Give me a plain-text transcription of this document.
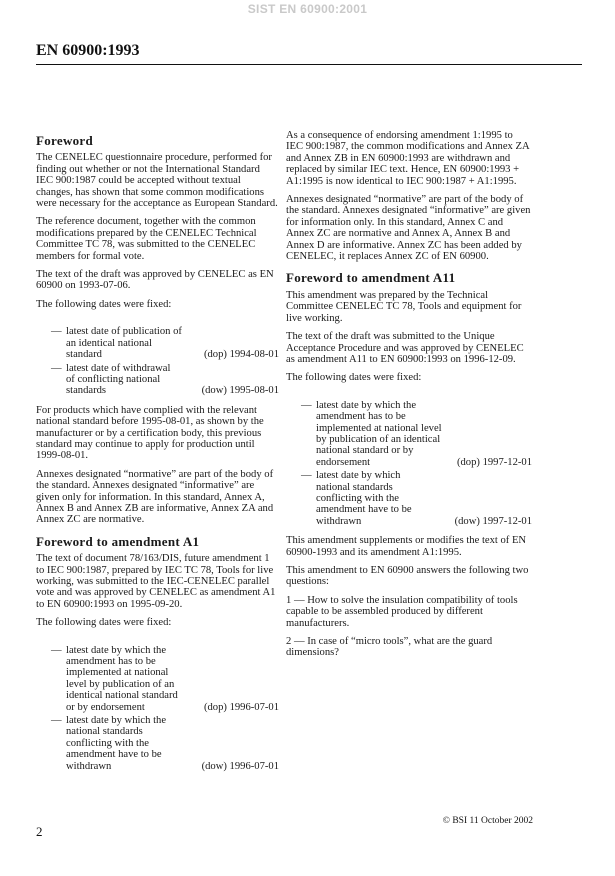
SIST EN 60900:2001
EN 60900:1993
Foreword

The CENELEC questionnaire procedure, performed for finding out whether or not the International Standard IEC 900:1987 could be accepted without textual changes, has shown that some common modifications were necessary for the acceptance as European Standard.

The reference document, together with the common modifications prepared by the CENELEC Technical Committee TC 78, was submitted to the CENELEC members for formal vote.

The text of the draft was approved by CENELEC as EN 60900 on 1993-07-06.

The following dates were fixed:

— latest date of publication of an identical national standard	(dop) 1994-08-01
— latest date of withdrawal of conflicting national standards	(dow) 1995-08-01

For products which have complied with the relevant national standard before 1995-08-01, as shown by the manufacturer or by a certification body, this previous standard may continue to apply for production until 1999-08-01.

Annexes designated “normative” are part of the body of the standard. Annexes designated “informative” are given only for information. In this standard, Annex A, Annex B and Annex ZB are informative, Annex ZA and Annex ZC are normative.

Foreword to amendment A1

The text of document 78/163/DIS, future amendment 1 to IEC 900:1987, prepared by IEC TC 78, Tools for live working, was submitted to the IEC-CENELEC parallel vote and was approved by CENELEC as amendment A1 to EN 60900:1993 on 1995-09-20.

The following dates were fixed:

— latest date by which the amendment has to be implemented at national level by publication of an identical national standard or by endorsement	(dop) 1996-07-01
— latest date by which the national standards conflicting with the amendment have to be withdrawn	(dow) 1996-07-01

As a consequence of endorsing amendment 1:1995 to IEC 900:1987, the common modifications and Annex ZA and Annex ZB in EN 60900:1993 are withdrawn and replaced by similar IEC text. Hence, EN 60900:1993 + A1:1995 is now identical to IEC 900:1987 + A1:1995.

Annexes designated “normative” are part of the body of the standard. Annexes designated “informative” are given for information only. In this standard, Annex C and Annex ZC are normative and Annex A, Annex B and Annex D are informative. Annex ZC has been added by CENELEC, it replaces Annex ZC of EN 60900.

Foreword to amendment A11

This amendment was prepared by the Technical Committee CENELEC TC 78, Tools and equipment for live working.

The text of the draft was submitted to the Unique Acceptance Procedure and was approved by CENELEC as amendment A11 to EN 60900:1993 on 1996-12-09.

The following dates were fixed:

— latest date by which the amendment has to be implemented at national level by publication of an identical national standard or by endorsement	(dop) 1997-12-01
— latest date by which national standards conflicting with the amendment have to be withdrawn	(dow) 1997-12-01

This amendment supplements or modifies the text of EN 60900-1993 and its amendment A1:1995.

This amendment to EN 60900 answers the following two questions:

1 — How to solve the insulation compatibility of tools capable to be assembled produced by different manufacturers.

2 — In case of “micro tools”, what are the guard dimensions?

2
© BSI 11 October 2002
